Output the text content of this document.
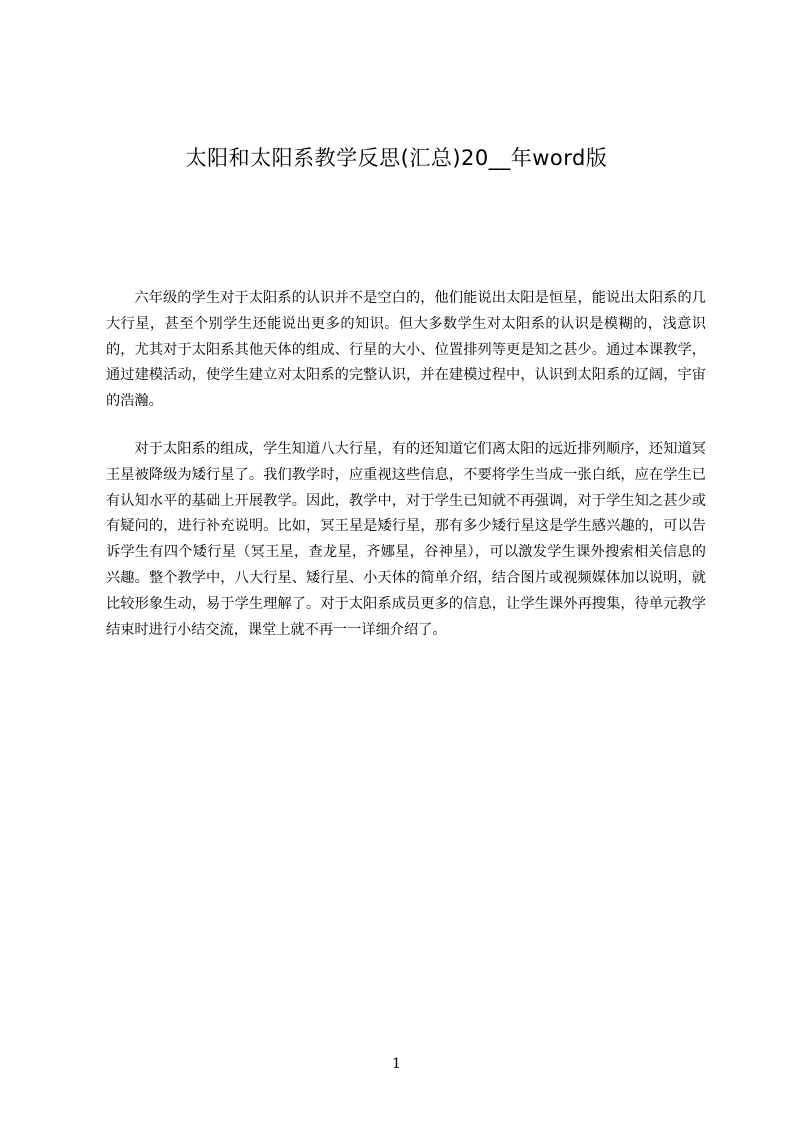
太阳和太阳系教学反思(汇总)20__年word版

六年级的学生对于太阳系的认识并不是空白的，他们能说出太阳是恒星，能说出太阳系的几大行星，甚至个别学生还能说出更多的知识。但大多数学生对太阳系的认识是模糊的，浅意识的，尤其对于太阳系其他天体的组成、行星的大小、位置排列等更是知之甚少。通过本课教学，通过建模活动，使学生建立对太阳系的完整认识，并在建模过程中，认识到太阳系的辽阔，宇宙的浩瀚。

对于太阳系的组成，学生知道八大行星，有的还知道它们离太阳的远近排列顺序，还知道冥王星被降级为矮行星了。我们教学时，应重视这些信息，不要将学生当成一张白纸，应在学生已有认知水平的基础上开展教学。因此，教学中，对于学生已知就不再强调，对于学生知之甚少或有疑问的，进行补充说明。比如，冥王星是矮行星，那有多少矮行星这是学生感兴趣的，可以告诉学生有四个矮行星（冥王星，查龙星，齐娜星，谷神星），可以激发学生课外搜索相关信息的兴趣。整个教学中，八大行星、矮行星、小天体的简单介绍，结合图片或视频媒体加以说明，就比较形象生动，易于学生理解了。对于太阳系成员更多的信息，让学生课外再搜集，待单元教学结束时进行小结交流，课堂上就不再一一详细介绍了。

1
